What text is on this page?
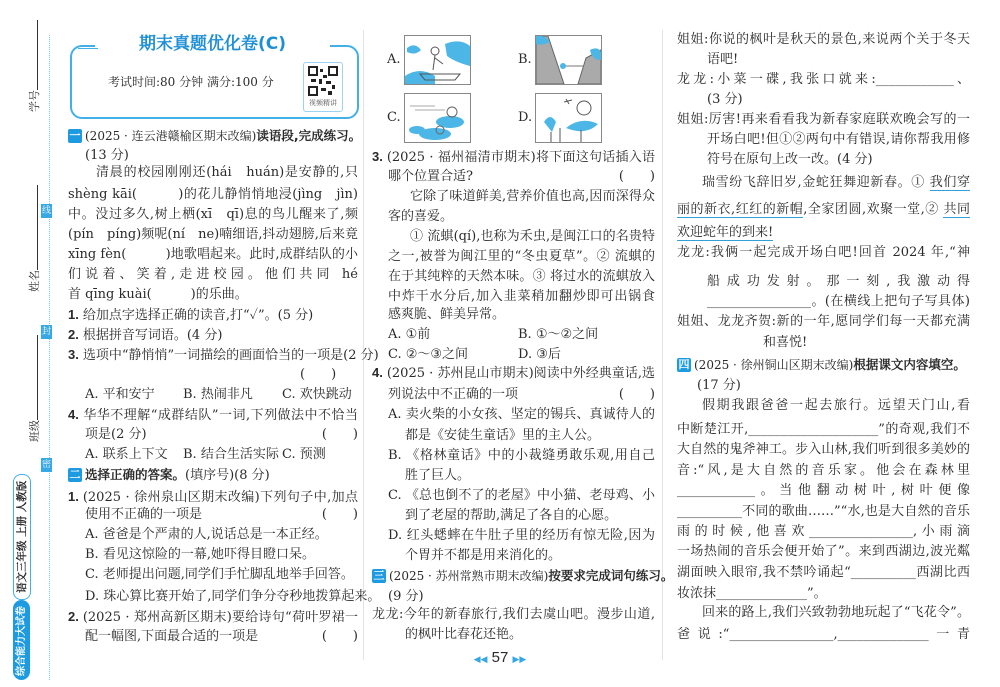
学号
姓名
班级
线
封
密
语文三年级 上册 人教版
综合能力大试卷
期末真题优化卷(C)
考试时间:80 分钟 满分:100 分
视频精讲
一 (2025 · 连云港赣榆区期末改编)读语段,完成练习。
(13 分)
清晨的校园刚刚还(hái　huán)是安静的,只
shèng kāi(　　　)的花儿静悄悄地浸(jìng　jìn)
中。没过多久,树上栖(xī　qī)息的鸟儿醒来了,频
(pín　píng)频呢(ní　ne)喃细语,抖动翅膀,后来竟
xīng fèn(　　　)地歌唱起来。此时,成群结队的小
们说着、笑着,走进校园。他们共同 hé 　　　
首 qīng kuài(　　　)的乐曲。
1. 给加点字选择正确的读音,打“✓”。(5 分)
2. 根据拼音写词语。(4 分)
3. 选项中“静悄悄”一词描绘的画面恰当的一项是(2 分)
(　　)
A. 平和安宁 B. 热闹非凡 C. 欢快跳动
4. 华华不理解“成群结队”一词,下列做法中不恰当
项是(2 分)	(　　)
A. 联系上下文 B. 结合生活实际 C. 预测
二 选择正确的答案。(填序号)(8 分)
1. (2025 · 徐州泉山区期末改编)下列句子中,加点
使用不正确的一项是	(　　)
A. 爸爸是个严肃的人,说话总是一本正经。
B. 看见这惊险的一幕,她吓得目瞪口呆。
C. 老师提出问题,同学们手忙脚乱地举手回答。
D. 珠心算比赛开始了,同学们争分夺秒地拨算起来。
2. (2025 · 郑州高新区期末)要给诗句“荷叶罗裙一
配一幅图,下面最合适的一项是	(　　)
A.	B.
C.	D.
3. (2025 · 福州福清市期末)将下面这句话插入语
哪个位置合适?	(　　)
它除了味道鲜美,营养价值也高,因而深得众
客的喜爱。
① 流蜞(qí),也称为禾虫,是闽江口的名贵特
之一,被誉为闽江里的“冬虫夏草”。② 流蜞的
在于其纯粹的天然本味。③ 将过水的流蜞放入
中炸干水分后,加入韭菜稍加翻炒即可出锅食
感爽脆、鲜美异常。
A. ①前	B. ①～②之间
C. ②～③之间	D. ③后
4. (2025 · 苏州昆山市期末)阅读中外经典童话,选
列说法中不正确的一项	(　　)
A. 卖火柴的小女孩、坚定的锡兵、真诚待人的
都是《安徒生童话》里的主人公。
B. 《格林童话》中的小裁缝勇敢乐观,用自己
胜了巨人。
C. 《总也倒不了的老屋》中小猫、老母鸡、小
到了老屋的帮助,满足了各自的心愿。
D. 红头蟋蟀在牛肚子里的经历有惊无险,因为
个胃并不都是用来消化的。
三 (2025 · 苏州常熟市期末改编)按要求完成词句练习。
(9 分)
龙龙:今年的新春旅行,我们去虞山吧。漫步山道,
的枫叶比春花还艳。
◀◀ 57 ▶▶
姐姐:你说的枫叶是秋天的景色,来说两个关于冬天
语吧!
龙龙:小菜一碟,我张口就来:____________、
(3 分)
姐姐:厉害!再来看看我为新春家庭联欢晚会写的一
开场白吧!但①②两句中有错误,请你帮我用修
符号在原句上改一改。(4 分)
瑞雪纷飞辞旧岁,金蛇狂舞迎新春。① 我们穿
丽的新衣,红红的新帽,全家团圆,欢聚一堂,② 共同
欢迎蛇年的到来!
龙龙:我俩一起完成开场白吧!回首 2024 年,“神
船成功发射。那一刻,我激动得
________________。(在横线上把句子写具体)
姐姐、龙龙齐贺:新的一年,愿同学们每一天都充满
和喜悦!
四 (2025 · 徐州铜山区期末改编)根据课文内容填空。
(17 分)
假期我跟爸爸一起去旅行。远望天门山,看
中断楚江开,____________________”的奇观,我们不
大自然的鬼斧神工。步入山林,我们听到很多美妙的
音:“风,是大自然的音乐家。他会在森林里
____________。当他翻动树叶,树叶便像
__________不同的歌曲……”“水,也是大自然的音乐
雨的时候,他喜欢________________,小雨滴
一场热闹的音乐会便开始了”。来到西湖边,波光粼
湖面映入眼帘,我不禁吟诵起“__________西湖比西
妆浓抹______________”。
回来的路上,我们兴致勃勃地玩起了“飞花令”。
爸说:“________________,______________一青
